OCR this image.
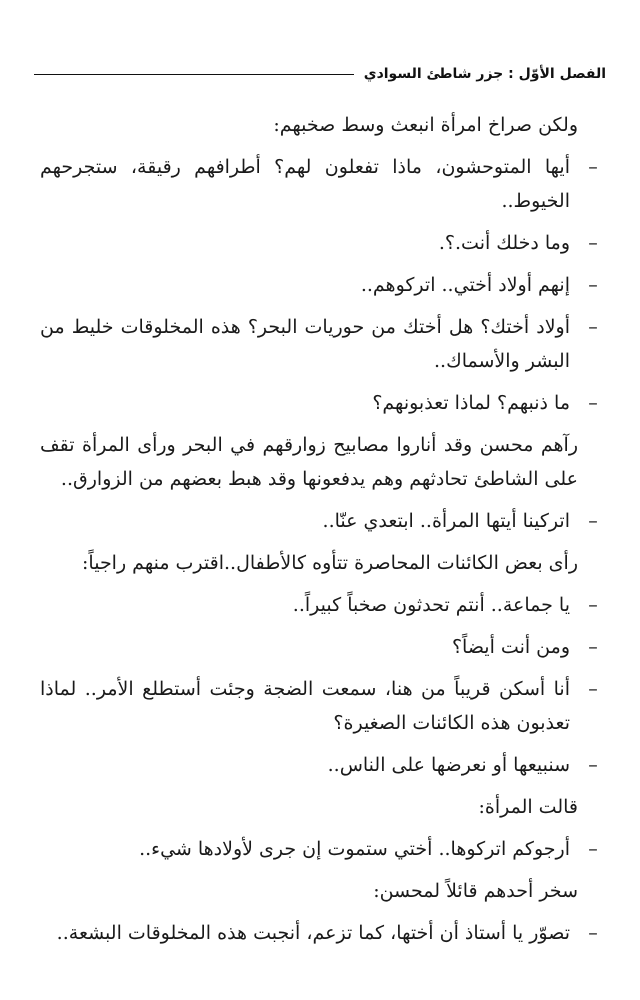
الفصل الأوّل : جزر شاطئ السوادي
ولكن صراخ امرأة انبعث وسط صخبهم:
–
أيها المتوحشون، ماذا تفعلون لهم؟ أطرافهم رقيقة، ستجرحهم الخيوط..
–
وما دخلك أنت.؟.
–
إنهم أولاد أختي.. اتركوهم..
–
أولاد أختك؟ هل أختك من حوريات البحر؟ هذه المخلوقات خليط من البشر والأسماك..
–
ما ذنبهم؟ لماذا تعذبونهم؟
رآهم محسن وقد أناروا مصابيح زوارقهم في البحر ورأى المرأة تقف على الشاطئ تحادثهم وهم يدفعونها وقد هبط بعضهم من الزوارق..
–
اتركينا أيتها المرأة.. ابتعدي عنّا..
رأى بعض الكائنات المحاصرة تتأوه كالأطفال..اقترب منهم راجياً:
–
يا جماعة.. أنتم تحدثون صخباً كبيراً..
–
ومن أنت أيضاً؟
–
أنا أسكن قريباً من هنا، سمعت الضجة وجئت أستطلع الأمر.. لماذا تعذبون هذه الكائنات الصغيرة؟
–
سنبيعها أو نعرضها على الناس..
قالت المرأة:
–
أرجوكم اتركوها.. أختي ستموت إن جرى لأولادها شيء..
سخر أحدهم قائلاً لمحسن:
–
تصوّر يا أستاذ أن أختها، كما تزعم، أنجبت هذه المخلوقات البشعة..
